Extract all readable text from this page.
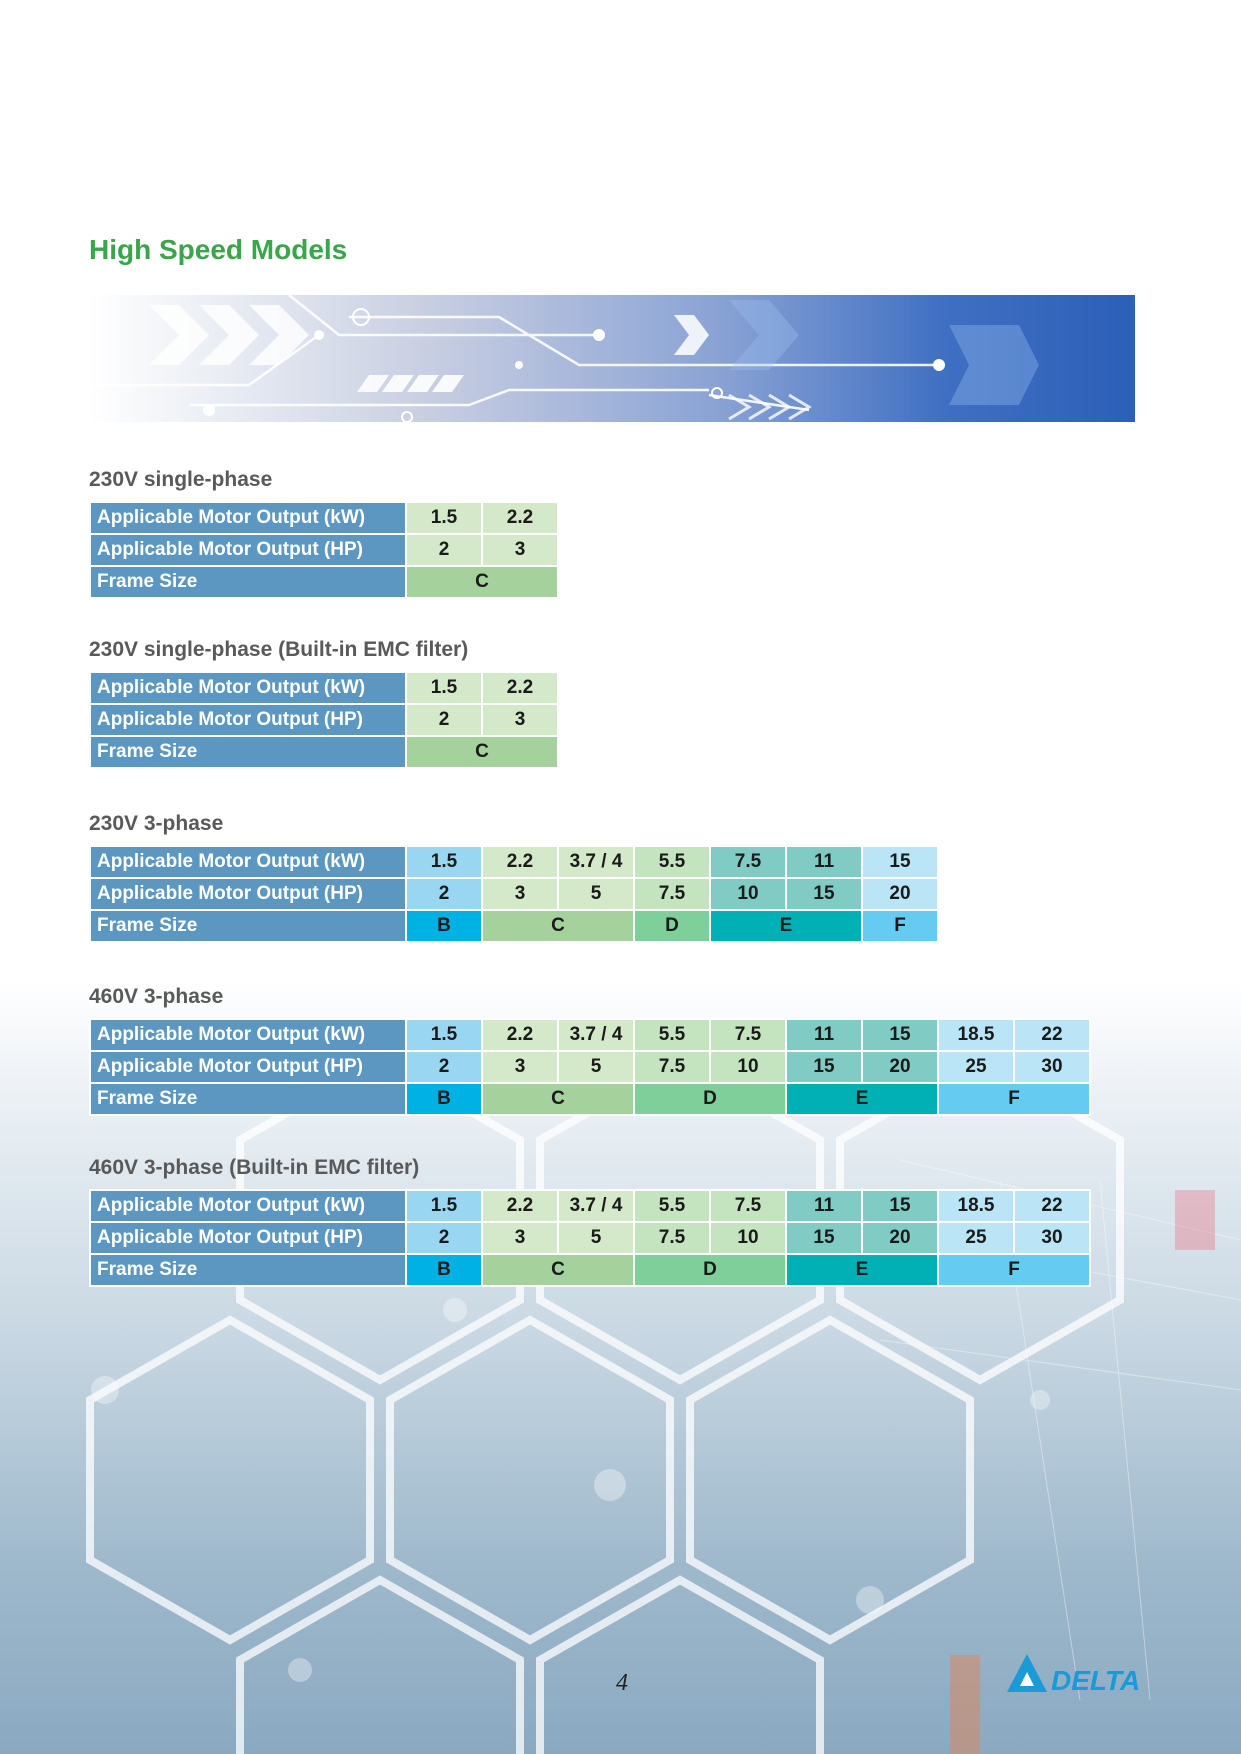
High Speed Models
230V single-phase
Applicable Motor Output (kW)	1.5	2.2
Applicable Motor Output (HP)	2	3
Frame Size	C	
230V single-phase (Built-in EMC filter)
Applicable Motor Output (kW)	1.5	2.2
Applicable Motor Output (HP)	2	3
Frame Size	C	
230V 3-phase
Applicable Motor Output (kW)	1.5	2.2	3.7 / 4	5.5	7.5	11	15
Applicable Motor Output (HP)	2	3	5	7.5	10	15	20
Frame Size	B	C		D	E		F
460V 3-phase
Applicable Motor Output (kW)	1.5	2.2	3.7 / 4	5.5	7.5	11	15	18.5	22
Applicable Motor Output (HP)	2	3	5	7.5	10	15	20	25	30
Frame Size	B	C		D		E		F	
460V 3-phase (Built-in EMC filter)
Applicable Motor Output (kW)	1.5	2.2	3.7 / 4	5.5	7.5	11	15	18.5	22
Applicable Motor Output (HP)	2	3	5	7.5	10	15	20	25	30
Frame Size	B	C		D		E		F	
4	DELTA
